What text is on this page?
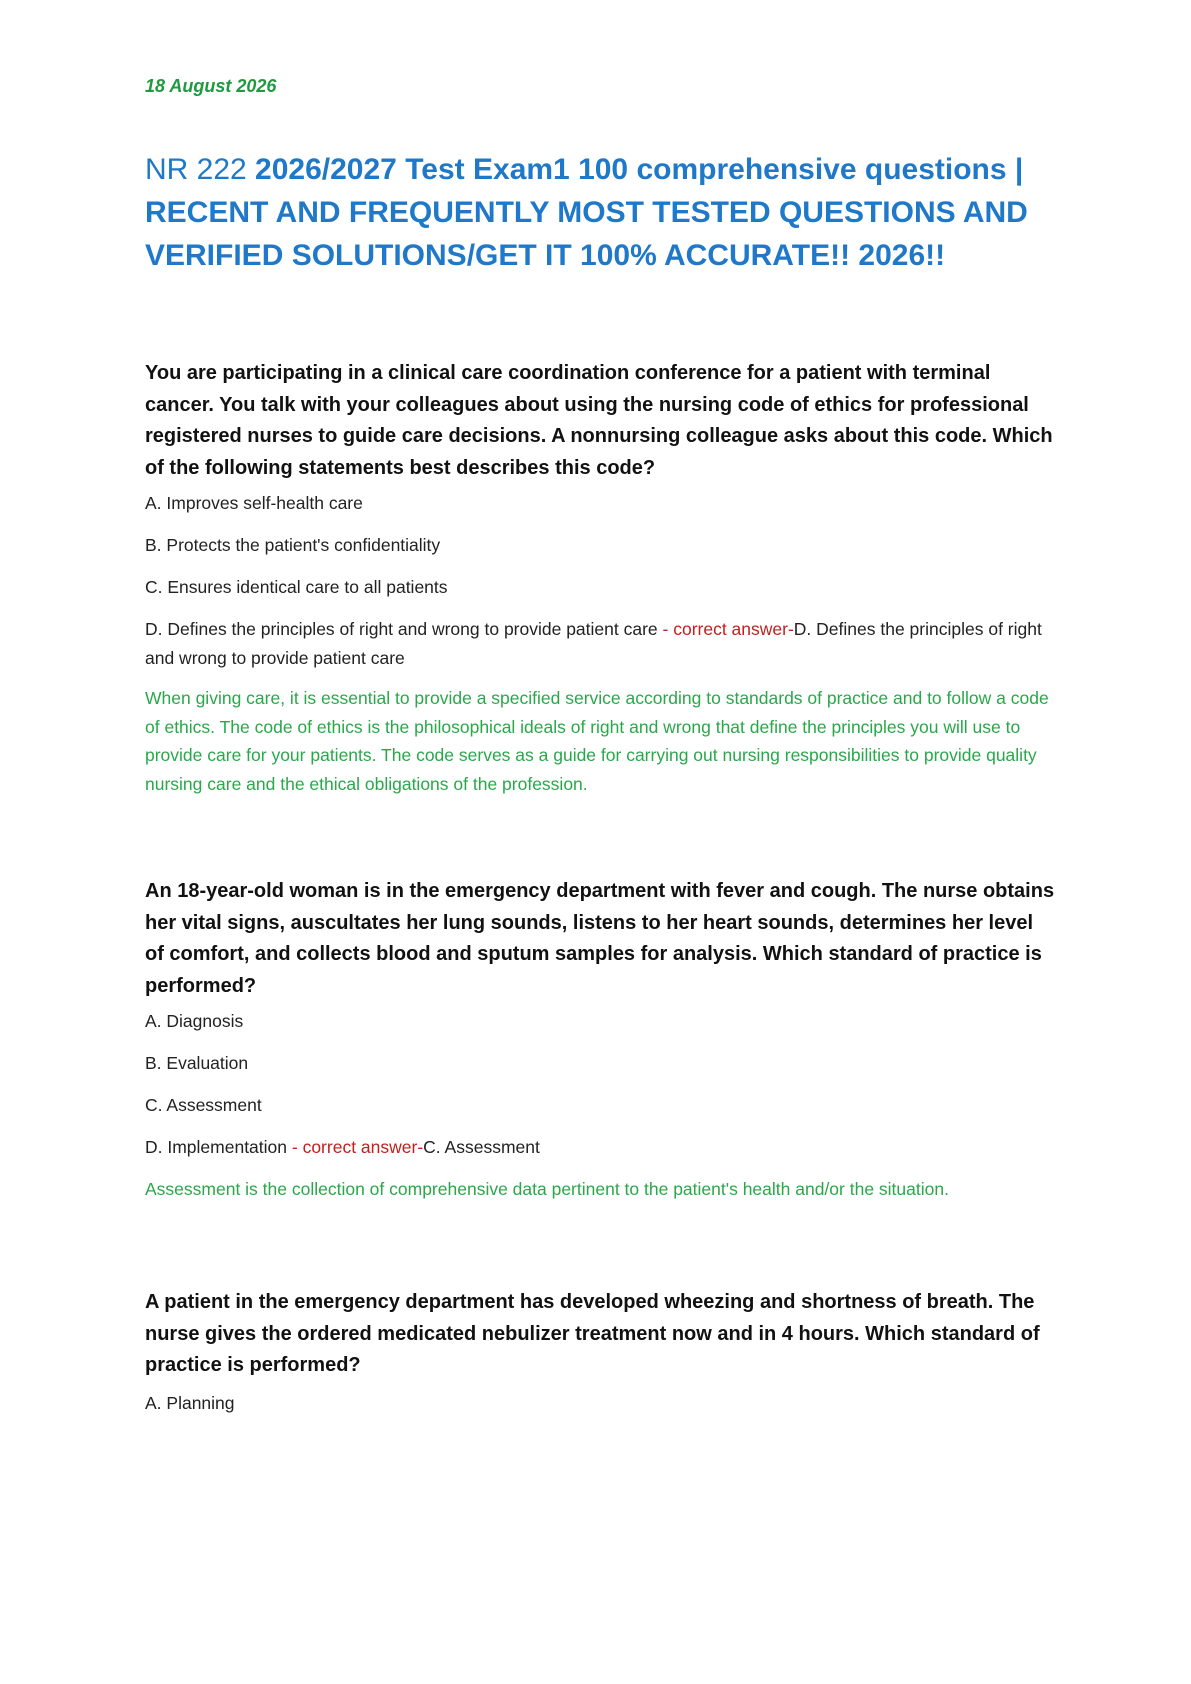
18 August 2026
NR 222 2026/2027 Test Exam1 100 comprehensive questions | RECENT AND FREQUENTLY MOST TESTED QUESTIONS AND VERIFIED SOLUTIONS/GET IT 100% ACCURATE!! 2026!!

You are participating in a clinical care coordination conference for a patient with terminal cancer. You talk with your colleagues about using the nursing code of ethics for professional registered nurses to guide care decisions. A nonnursing colleague asks about this code. Which of the following statements best describes this code?

A. Improves self-health care

B. Protects the patient's confidentiality

C. Ensures identical care to all patients

D. Defines the principles of right and wrong to provide patient care - correct answer-D. Defines the principles of right and wrong to provide patient care

When giving care, it is essential to provide a specified service according to standards of practice and to follow a code of ethics. The code of ethics is the philosophical ideals of right and wrong that define the principles you will use to provide care for your patients. The code serves as a guide for carrying out nursing responsibilities to provide quality nursing care and the ethical obligations of the profession.

An 18-year-old woman is in the emergency department with fever and cough. The nurse obtains her vital signs, auscultates her lung sounds, listens to her heart sounds, determines her level of comfort, and collects blood and sputum samples for analysis. Which standard of practice is performed?

A. Diagnosis

B. Evaluation

C. Assessment

D. Implementation - correct answer-C. Assessment

Assessment is the collection of comprehensive data pertinent to the patient's health and/or the situation.

A patient in the emergency department has developed wheezing and shortness of breath. The nurse gives the ordered medicated nebulizer treatment now and in 4 hours. Which standard of practice is performed?

A. Planning
